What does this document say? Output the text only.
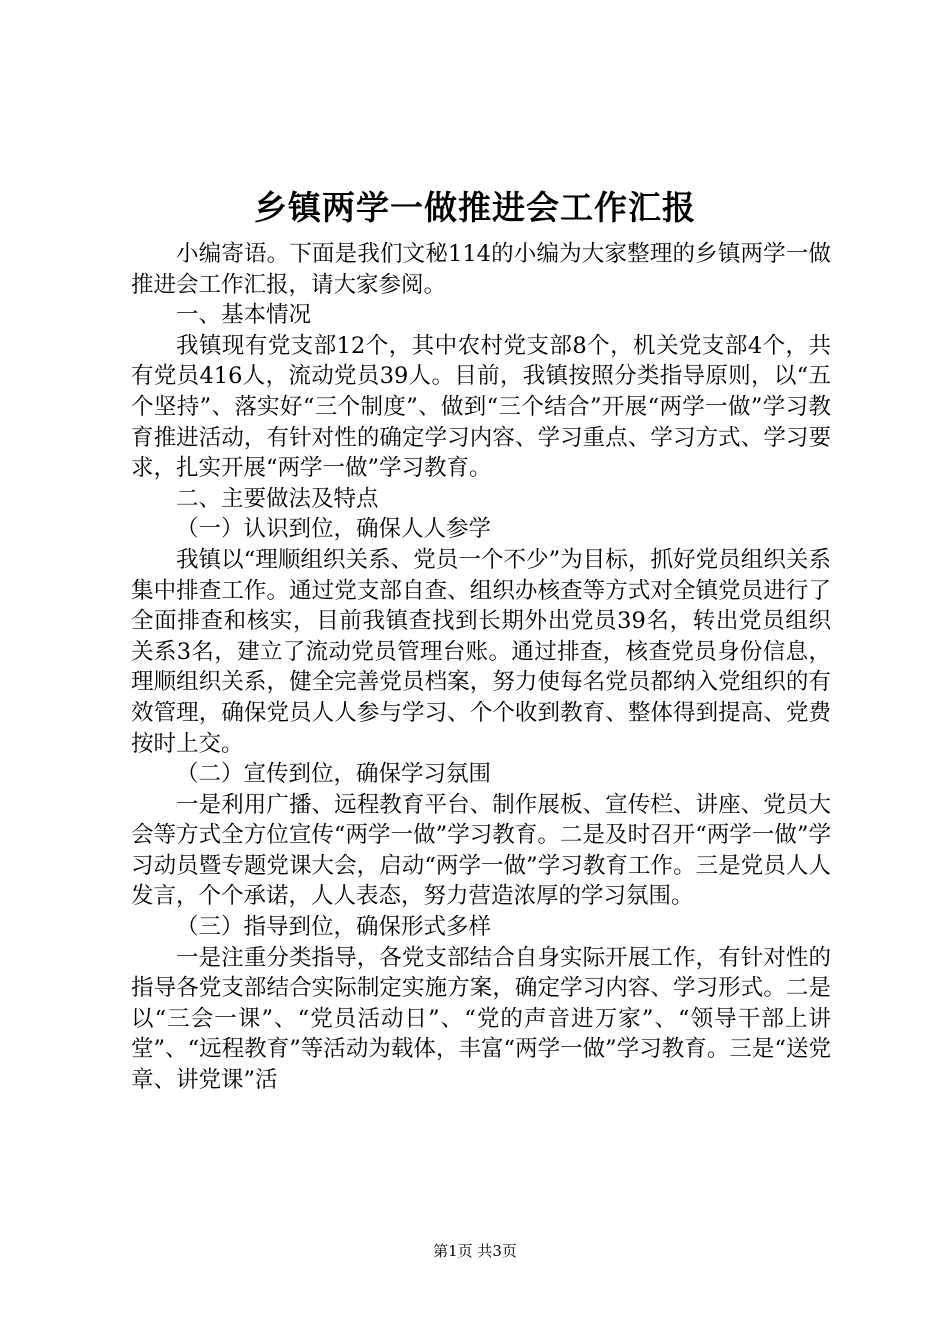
乡镇两学一做推进会工作汇报

小编寄语。下面是我们文秘114的小编为大家整理的乡镇两学一做推进会工作汇报，请大家参阅。

一、基本情况

我镇现有党支部12个，其中农村党支部8个，机关党支部4个，共有党员416人，流动党员39人。目前，我镇按照分类指导原则，以“五个坚持”、落实好“三个制度”、做到“三个结合”开展“两学一做”学习教育推进活动，有针对性的确定学习内容、学习重点、学习方式、学习要求，扎实开展“两学一做”学习教育。

二、主要做法及特点

（一）认识到位，确保人人参学

我镇以“理顺组织关系、党员一个不少”为目标，抓好党员组织关系集中排查工作。通过党支部自查、组织办核查等方式对全镇党员进行了全面排查和核实，目前我镇查找到长期外出党员39名，转出党员组织关系3名，建立了流动党员管理台账。通过排查，核查党员身份信息，理顺组织关系，健全完善党员档案，努力使每名党员都纳入党组织的有效管理，确保党员人人参与学习、个个收到教育、整体得到提高、党费按时上交。

（二）宣传到位，确保学习氛围

一是利用广播、远程教育平台、制作展板、宣传栏、讲座、党员大会等方式全方位宣传“两学一做”学习教育。二是及时召开“两学一做”学习动员暨专题党课大会，启动“两学一做”学习教育工作。三是党员人人发言，个个承诺，人人表态，努力营造浓厚的学习氛围。

（三）指导到位，确保形式多样

一是注重分类指导，各党支部结合自身实际开展工作，有针对性的指导各党支部结合实际制定实施方案，确定学习内容、学习形式。二是以“三会一课”、“党员活动日”、“党的声音进万家”、“领导干部上讲堂”、“远程教育”等活动为载体，丰富“两学一做”学习教育。三是“送党章、讲党课”活

第1页 共3页
